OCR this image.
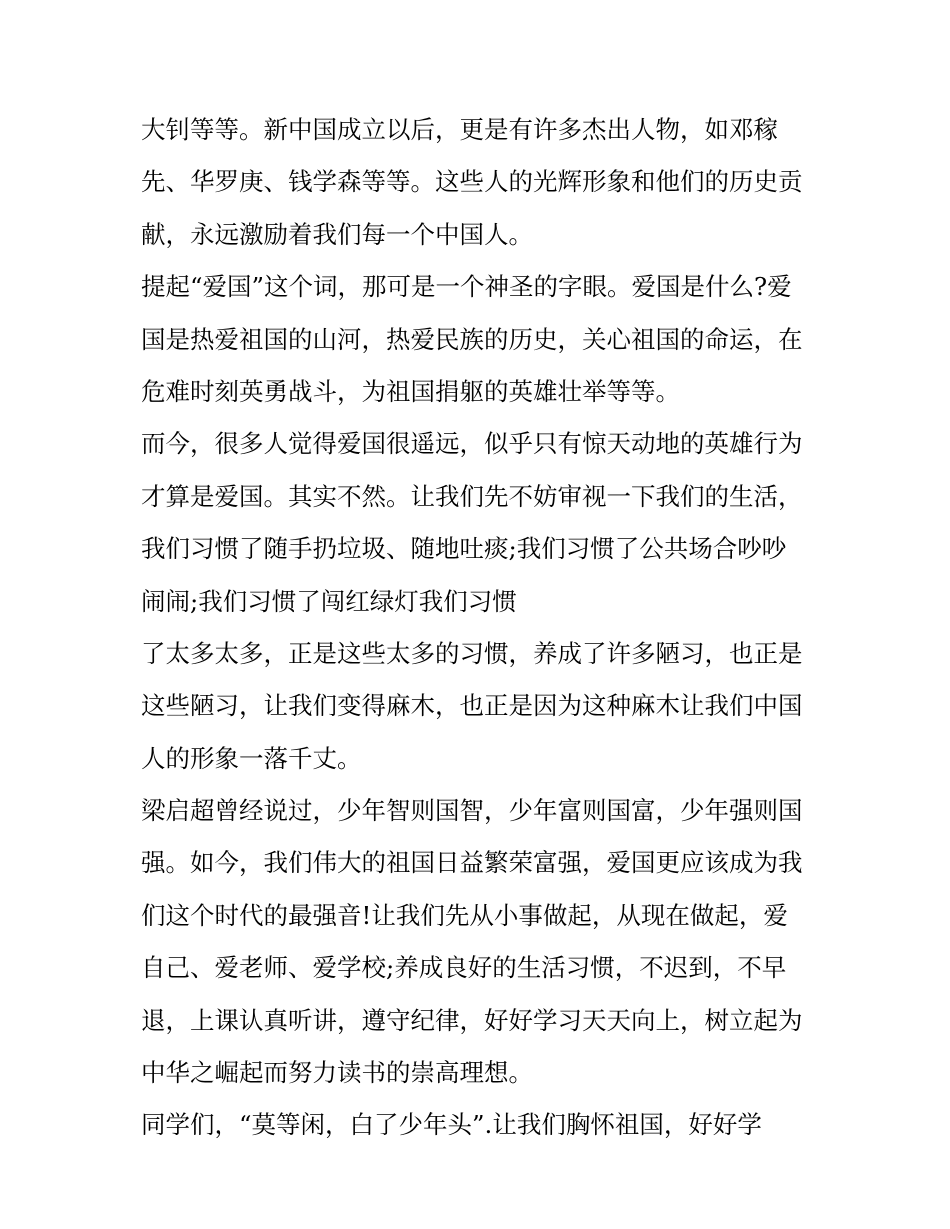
大钊等等。新中国成立以后，更是有许多杰出人物，如邓稼
先、华罗庚、钱学森等等。这些人的光辉形象和他们的历史贡
献，永远激励着我们每一个中国人。
提起“爱国”这个词，那可是一个神圣的字眼。爱国是什么?爱
国是热爱祖国的山河，热爱民族的历史，关心祖国的命运，在
危难时刻英勇战斗，为祖国捐躯的英雄壮举等等。
而今，很多人觉得爱国很遥远，似乎只有惊天动地的英雄行为
才算是爱国。其实不然。让我们先不妨审视一下我们的生活，
我们习惯了随手扔垃圾、随地吐痰;我们习惯了公共场合吵吵
闹闹;我们习惯了闯红绿灯我们习惯
了太多太多，正是这些太多的习惯，养成了许多陋习，也正是
这些陋习，让我们变得麻木，也正是因为这种麻木让我们中国
人的形象一落千丈。
梁启超曾经说过，少年智则国智，少年富则国富，少年强则国
强。如今，我们伟大的祖国日益繁荣富强，爱国更应该成为我
们这个时代的最强音!让我们先从小事做起，从现在做起，爱
自己、爱老师、爱学校;养成良好的生活习惯，不迟到，不早
退，上课认真听讲，遵守纪律，好好学习天天向上，树立起为
中华之崛起而努力读书的崇高理想。
同学们，“莫等闲，白了少年头”.让我们胸怀祖国，好好学
